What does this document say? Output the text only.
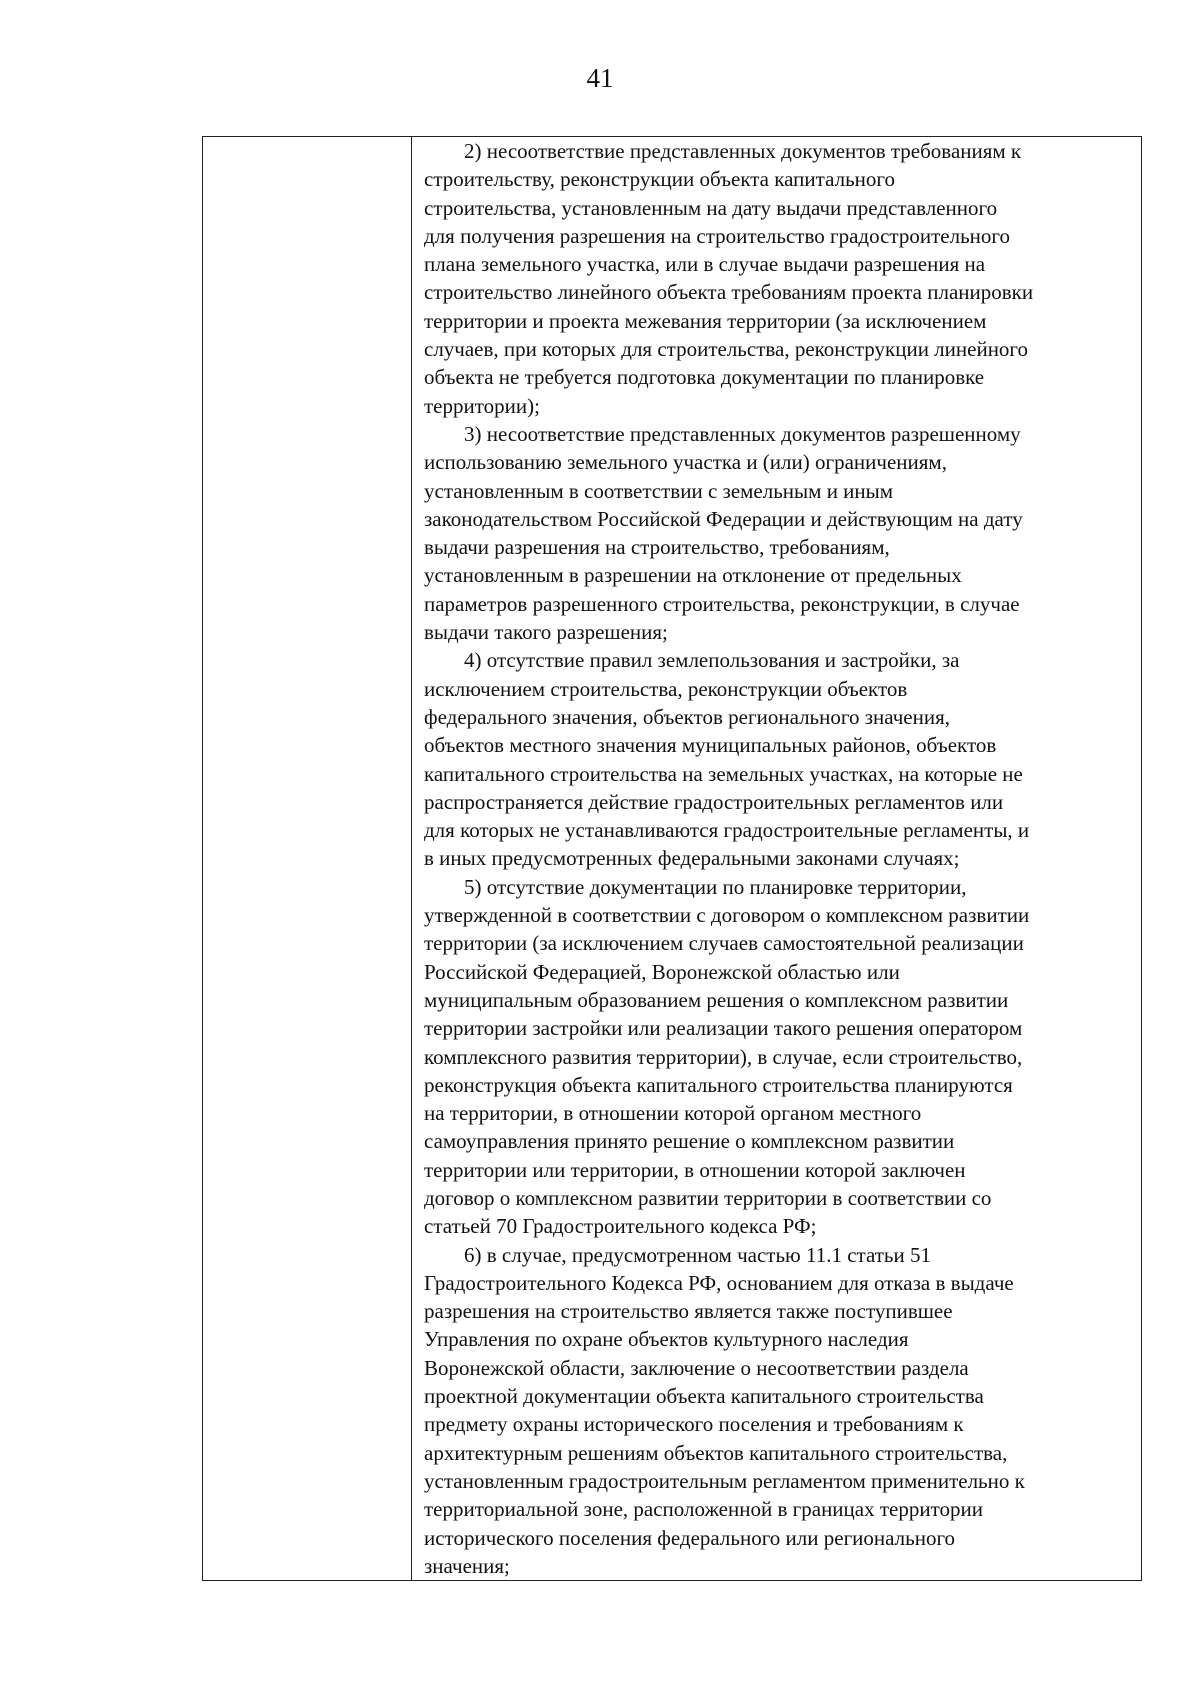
41

2) несоответствие представленных документов требованиям к
строительству, реконструкции объекта капитального
строительства, установленным на дату выдачи представленного
для получения разрешения на строительство градостроительного
плана земельного участка, или в случае выдачи разрешения на
строительство линейного объекта требованиям проекта планировки
территории и проекта межевания территории (за исключением
случаев, при которых для строительства, реконструкции линейного
объекта не требуется подготовка документации по планировке
территории);

3) несоответствие представленных документов разрешенному
использованию земельного участка и (или) ограничениям,
установленным в соответствии с земельным и иным
законодательством Российской Федерации и действующим на дату
выдачи разрешения на строительство, требованиям,
установленным в разрешении на отклонение от предельных
параметров разрешенного строительства, реконструкции, в случае
выдачи такого разрешения;

4) отсутствие правил землепользования и застройки, за
исключением строительства, реконструкции объектов
федерального значения, объектов регионального значения,
объектов местного значения муниципальных районов, объектов
капитального строительства на земельных участках, на которые не
распространяется действие градостроительных регламентов или
для которых не устанавливаются градостроительные регламенты, и
в иных предусмотренных федеральными законами случаях;

5) отсутствие документации по планировке территории,
утвержденной в соответствии с договором о комплексном развитии
территории (за исключением случаев самостоятельной реализации
Российской Федерацией, Воронежской областью или
муниципальным образованием решения о комплексном развитии
территории застройки или реализации такого решения оператором
комплексного развития территории), в случае, если строительство,
реконструкция объекта капитального строительства планируются
на территории, в отношении которой органом местного
самоуправления принято решение о комплексном развитии
территории или территории, в отношении которой заключен
договор о комплексном развитии территории в соответствии со
статьей 70 Градостроительного кодекса РФ;

6) в случае, предусмотренном частью 11.1 статьи 51
Градостроительного Кодекса РФ, основанием для отказа в выдаче
разрешения на строительство является также поступившее
Управления по охране объектов культурного наследия
Воронежской области, заключение о несоответствии раздела
проектной документации объекта капитального строительства
предмету охраны исторического поселения и требованиям к
архитектурным решениям объектов капитального строительства,
установленным градостроительным регламентом применительно к
территориальной зоне, расположенной в границах территории
исторического поселения федерального или регионального
значения;
